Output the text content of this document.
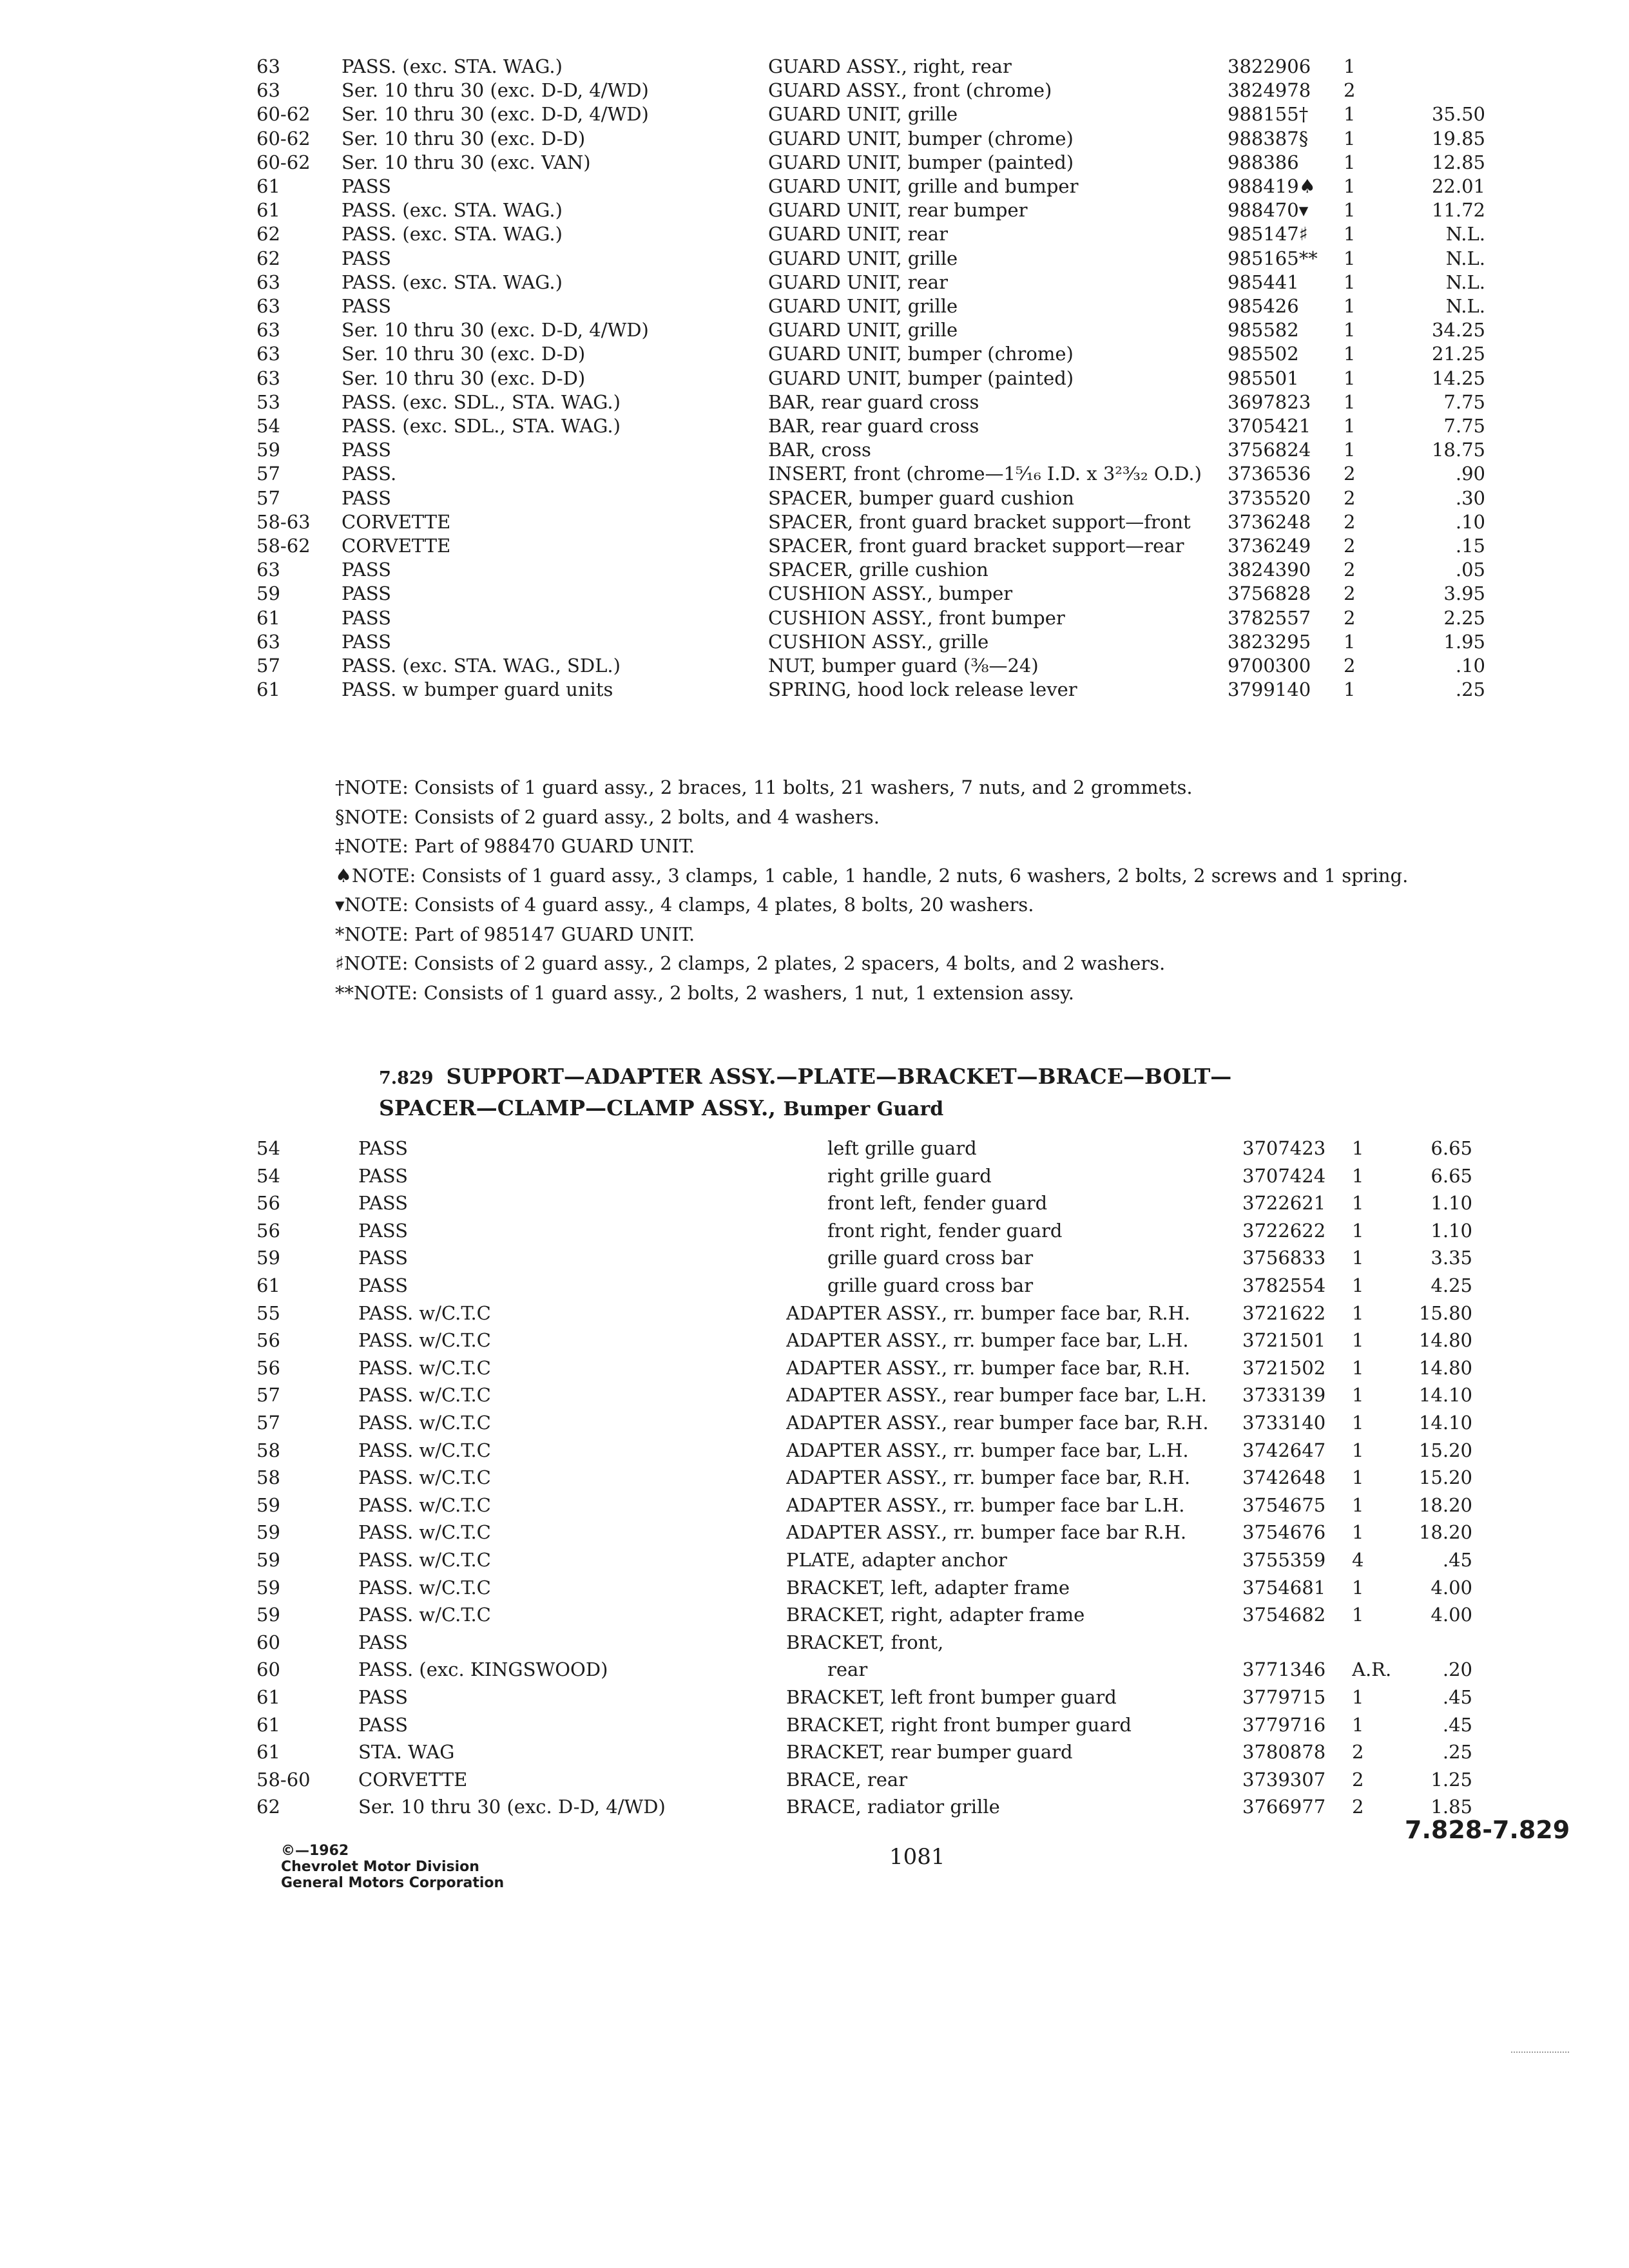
63	PASS. (exc. STA. WAG.)	GUARD ASSY., right, rear	3822906	1
63	Ser. 10 thru 30 (exc. D-D, 4/WD)	GUARD ASSY., front (chrome)	3824978	2
60-62	Ser. 10 thru 30 (exc. D-D, 4/WD)	GUARD UNIT, grille	988155†	1	35.50
60-62	Ser. 10 thru 30 (exc. D-D)	GUARD UNIT, bumper (chrome)	988387§	1	19.85
60-62	Ser. 10 thru 30 (exc. VAN)	GUARD UNIT, bumper (painted)	988386	1	12.85
61	PASS	GUARD UNIT, grille and bumper	988419♠	1	22.01
61	PASS. (exc. STA. WAG.)	GUARD UNIT, rear bumper	988470▾	1	11.72
62	PASS. (exc. STA. WAG.)	GUARD UNIT, rear	985147♯	1	N.L.
62	PASS	GUARD UNIT, grille	985165**	1	N.L.
63	PASS. (exc. STA. WAG.)	GUARD UNIT, rear	985441	1	N.L.
63	PASS	GUARD UNIT, grille	985426	1	N.L.
63	Ser. 10 thru 30 (exc. D-D, 4/WD)	GUARD UNIT, grille	985582	1	34.25
63	Ser. 10 thru 30 (exc. D-D)	GUARD UNIT, bumper (chrome)	985502	1	21.25
63	Ser. 10 thru 30 (exc. D-D)	GUARD UNIT, bumper (painted)	985501	1	14.25
53	PASS. (exc. SDL., STA. WAG.)	BAR, rear guard cross	3697823	1	7.75
54	PASS. (exc. SDL., STA. WAG.)	BAR, rear guard cross	3705421	1	7.75
59	PASS	BAR, cross	3756824	1	18.75
57	PASS.	INSERT, front (chrome—1⁵⁄₁₆ I.D. x 3²³⁄₃₂ O.D.)	3736536	2	.90
57	PASS	SPACER, bumper guard cushion	3735520	2	.30
58-63	CORVETTE	SPACER, front guard bracket support—front	3736248	2	.10
58-62	CORVETTE	SPACER, front guard bracket support—rear	3736249	2	.15
63	PASS	SPACER, grille cushion	3824390	2	.05
59	PASS	CUSHION ASSY., bumper	3756828	2	3.95
61	PASS	CUSHION ASSY., front bumper	3782557	2	2.25
63	PASS	CUSHION ASSY., grille	3823295	1	1.95
57	PASS. (exc. STA. WAG., SDL.)	NUT, bumper guard (⅜—24)	9700300	2	.10
61	PASS. w bumper guard units	SPRING, hood lock release lever	3799140	1	.25
†NOTE: Consists of 1 guard assy., 2 braces, 11 bolts, 21 washers, 7 nuts, and 2 grommets.
§NOTE: Consists of 2 guard assy., 2 bolts, and 4 washers.
‡NOTE: Part of 988470 GUARD UNIT.
♠NOTE: Consists of 1 guard assy., 3 clamps, 1 cable, 1 handle, 2 nuts, 6 washers, 2 bolts, 2 screws and 1 spring.
▾NOTE: Consists of 4 guard assy., 4 clamps, 4 plates, 8 bolts, 20 washers.
*NOTE: Part of 985147 GUARD UNIT.
♯NOTE: Consists of 2 guard assy., 2 clamps, 2 plates, 2 spacers, 4 bolts, and 2 washers.
**NOTE: Consists of 1 guard assy., 2 bolts, 2 washers, 1 nut, 1 extension assy.
7.829 SUPPORT—ADAPTER ASSY.—PLATE—BRACKET—BRACE—BOLT—
SPACER—CLAMP—CLAMP ASSY., Bumper Guard
54	PASS	left grille guard	3707423	1	6.65
54	PASS	right grille guard	3707424	1	6.65
56	PASS	front left, fender guard	3722621	1	1.10
56	PASS	front right, fender guard	3722622	1	1.10
59	PASS	grille guard cross bar	3756833	1	3.35
61	PASS	grille guard cross bar	3782554	1	4.25
55	PASS. w/C.T.C	ADAPTER ASSY., rr. bumper face bar, R.H.	3721622	1	15.80
56	PASS. w/C.T.C	ADAPTER ASSY., rr. bumper face bar, L.H.	3721501	1	14.80
56	PASS. w/C.T.C	ADAPTER ASSY., rr. bumper face bar, R.H.	3721502	1	14.80
57	PASS. w/C.T.C	ADAPTER ASSY., rear bumper face bar, L.H.	3733139	1	14.10
57	PASS. w/C.T.C	ADAPTER ASSY., rear bumper face bar, R.H.	3733140	1	14.10
58	PASS. w/C.T.C	ADAPTER ASSY., rr. bumper face bar, L.H.	3742647	1	15.20
58	PASS. w/C.T.C	ADAPTER ASSY., rr. bumper face bar, R.H.	3742648	1	15.20
59	PASS. w/C.T.C	ADAPTER ASSY., rr. bumper face bar L.H.	3754675	1	18.20
59	PASS. w/C.T.C	ADAPTER ASSY., rr. bumper face bar R.H.	3754676	1	18.20
59	PASS. w/C.T.C	PLATE, adapter anchor	3755359	4	.45
59	PASS. w/C.T.C	BRACKET, left, adapter frame	3754681	1	4.00
59	PASS. w/C.T.C	BRACKET, right, adapter frame	3754682	1	4.00
60	PASS	BRACKET, front,
60	PASS. (exc. KINGSWOOD)	rear	3771346	A.R.	.20
61	PASS	BRACKET, left front bumper guard	3779715	1	.45
61	PASS	BRACKET, right front bumper guard	3779716	1	.45
61	STA. WAG	BRACKET, rear bumper guard	3780878	2	.25
58-60	CORVETTE	BRACE, rear	3739307	2	1.25
62	Ser. 10 thru 30 (exc. D-D, 4/WD)	BRACE, radiator grille	3766977	2	1.85
©—1962
Chevrolet Motor Division
General Motors Corporation
1081
7.828-7.829
